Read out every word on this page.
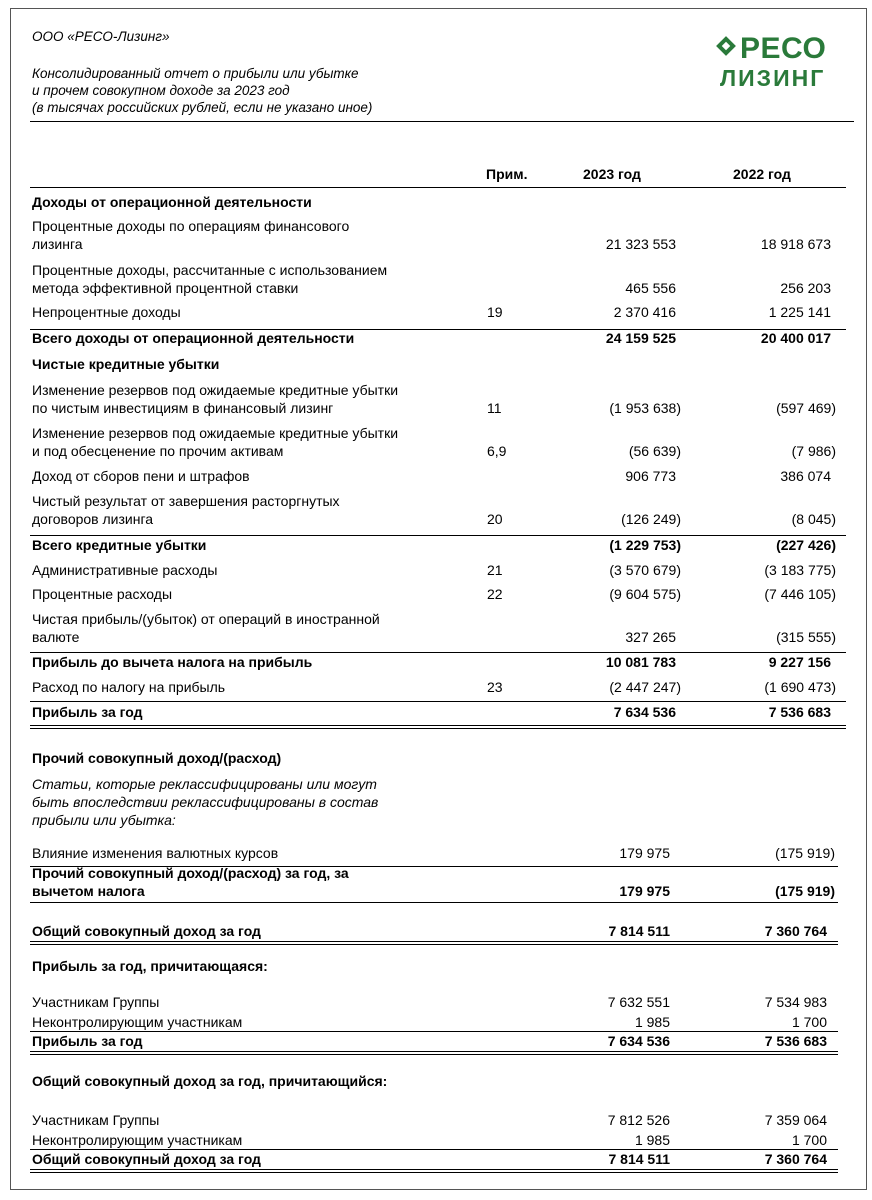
ООО «РЕСО-Лизинг»
Консолидированный отчет о прибыли или убытке
и прочем совокупном доходе за 2023 год
(в тысячах российских рублей, если не указано иное)
РЕСО
ЛИЗИНГ
Прим.	2023 год	2022 год
Доходы от операционной деятельности
Процентные доходы по операциям финансового
лизинга	21 323 553	18 918 673
Процентные доходы, рассчитанные с использованием
метода эффективной процентной ставки	465 556	256 203
Непроцентные доходы	19	2 370 416	1 225 141
Всего доходы от операционной деятельности	24 159 525	20 400 017
Чистые кредитные убытки
Изменение резервов под ожидаемые кредитные убытки
по чистым инвестициям в финансовый лизинг	11	(1 953 638)	(597 469)
Изменение резервов под ожидаемые кредитные убытки
и под обесценение по прочим активам	6,9	(56 639)	(7 986)
Доход от сборов пени и штрафов	906 773	386 074
Чистый результат от завершения расторгнутых
договоров лизинга	20	(126 249)	(8 045)
Всего кредитные убытки	(1 229 753)	(227 426)
Административные расходы	21	(3 570 679)	(3 183 775)
Процентные расходы	22	(9 604 575)	(7 446 105)
Чистая прибыль/(убыток) от операций в иностранной
валюте	327 265	(315 555)
Прибыль до вычета налога на прибыль	10 081 783	9 227 156
Расход по налогу на прибыль	23	(2 447 247)	(1 690 473)
Прибыль за год	7 634 536	7 536 683
Прочий совокупный доход/(расход)
Статьи, которые реклассифицированы или могут
быть впоследствии реклассифицированы в состав
прибыли или убытка:
Влияние изменения валютных курсов	179 975	(175 919)
Прочий совокупный доход/(расход) за год, за
вычетом налога	179 975	(175 919)
Общий совокупный доход за год	7 814 511	7 360 764
Прибыль за год, причитающаяся:
Участникам Группы	7 632 551	7 534 983
Неконтролирующим участникам	1 985	1 700
Прибыль за год	7 634 536	7 536 683
Общий совокупный доход за год, причитающийся:
Участникам Группы	7 812 526	7 359 064
Неконтролирующим участникам	1 985	1 700
Общий совокупный доход за год	7 814 511	7 360 764
